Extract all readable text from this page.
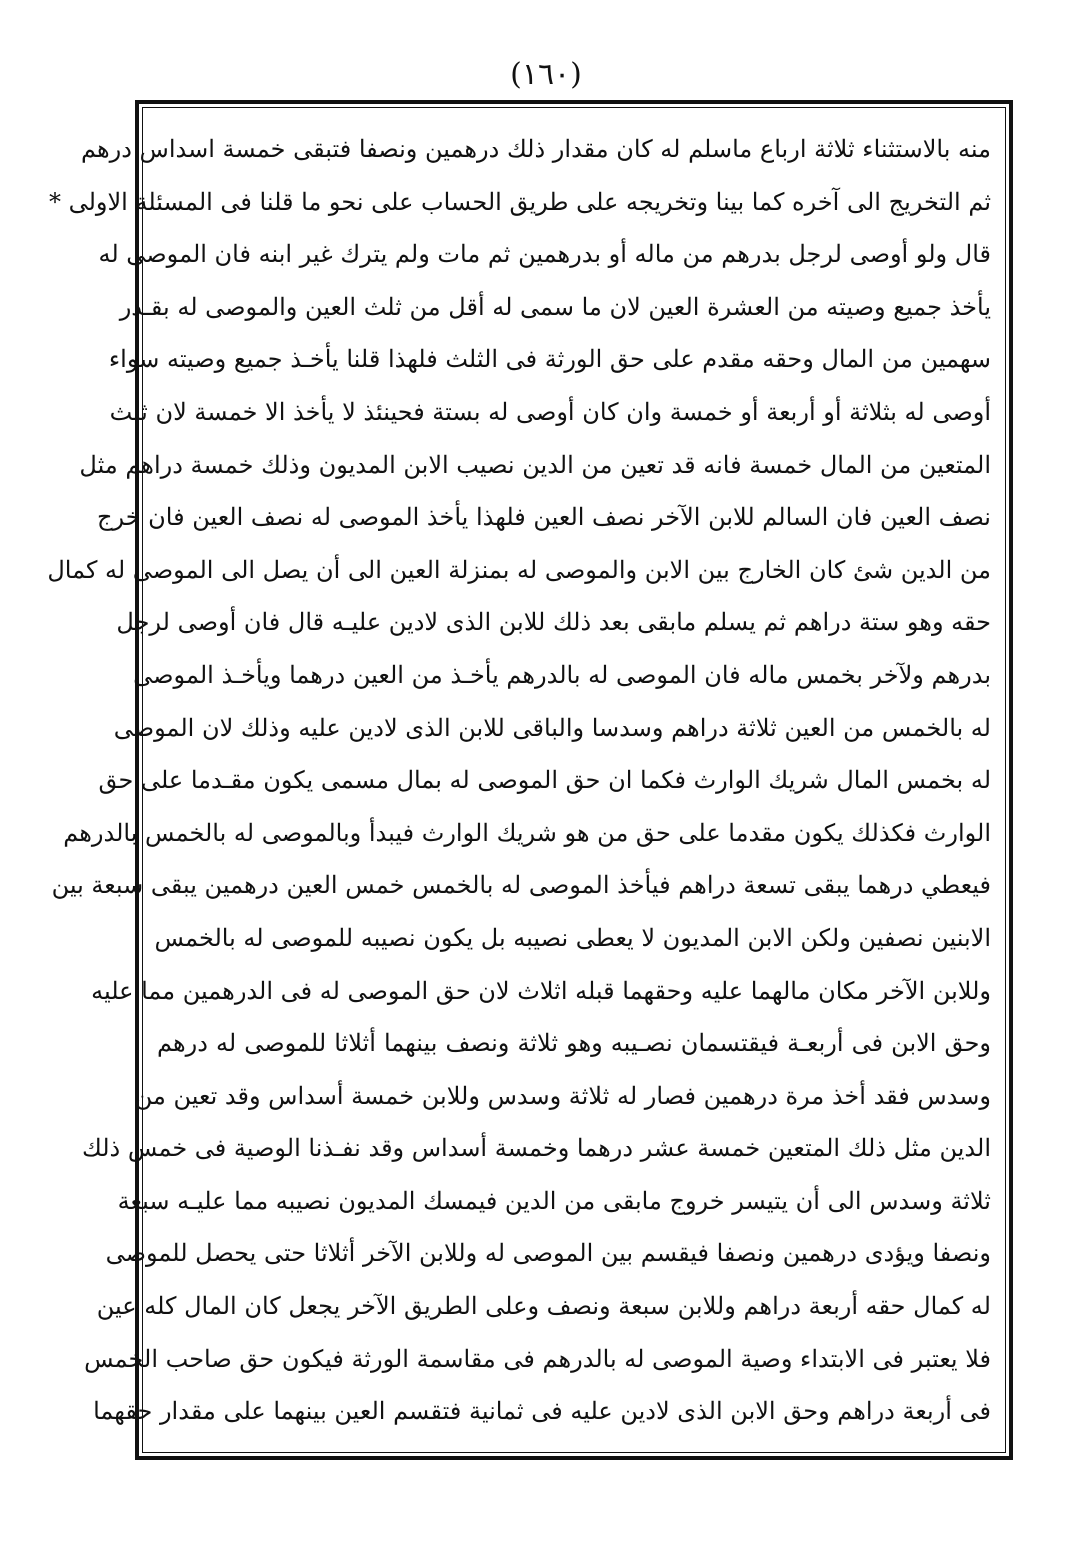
(١٦٠)
منه بالاستثناء ثلاثة ارباع ماسلم له كان مقدار ذلك درهمين ونصفا فتبقى خمسة اسداس درهم
ثم التخريج الى آخره كما بينا وتخريجه على طريق الحساب على نحو ما قلنا فى المسئلة الاولى *
قال ولو أوصى لرجل بدرهم من ماله أو بدرهمين ثم مات ولم يترك غير ابنه فان الموصى له
يأخذ جميع وصيته من العشرة العين لان ما سمى له أقل من ثلث العين والموصى له بقـدر
سهمين من المال وحقه مقدم على حق الورثة فى الثلث فلهذا قلنا يأخـذ جميع وصيته سواء
أوصى له بثلاثة أو أربعة أو خمسة وان كان أوصى له بستة فحينئذ لا يأخذ الا خمسة لان ثلث
المتعين من المال خمسة فانه قد تعين من الدين نصيب الابن المديون وذلك خمسة دراهم مثل
نصف العين فان السالم للابن الآخر نصف العين فلهذا يأخذ الموصى له نصف العين فان خرج
من الدين شئ كان الخارج بين الابن والموصى له بمنزلة العين الى أن يصل الى الموصى له كمال
حقه وهو ستة دراهم ثم يسلم مابقى بعد ذلك للابن الذى لادين عليـه قال فان أوصى لرجل
بدرهم ولآخر بخمس ماله فان الموصى له بالدرهم يأخـذ من العين درهما ويأخـذ الموصى
له بالخمس من العين ثلاثة دراهم وسدسا والباقى للابن الذى لادين عليه وذلك لان الموصى
له بخمس المال شريك الوارث فكما ان حق الموصى له بمال مسمى يكون مقـدما على حق
الوارث فكذلك يكون مقدما على حق من هو شريك الوارث فيبدأ وبالموصى له بالخمس بالدرهم
فيعطي درهما يبقى تسعة دراهم فيأخذ الموصى له بالخمس خمس العين درهمين يبقى سبعة بين
الابنين نصفين ولكن الابن المديون لا يعطى نصيبه بل يكون نصيبه للموصى له بالخمس
وللابن الآخر مكان مالهما عليه وحقهما قبله اثلاث لان حق الموصى له فى الدرهمين مما عليه
وحق الابن فى أربعـة فيقتسمان نصـيبه وهو ثلاثة ونصف بينهما أثلاثا للموصى له درهم
وسدس فقد أخذ مرة درهمين فصار له ثلاثة وسدس وللابن خمسة أسداس وقد تعين من
الدين مثل ذلك المتعين خمسة عشر درهما وخمسة أسداس وقد نفـذنا الوصية فى خمس ذلك
ثلاثة وسدس الى أن يتيسر خروج مابقى من الدين فيمسك المديون نصيبه مما عليـه سبعة
ونصفا ويؤدى درهمين ونصفا فيقسم بين الموصى له وللابن الآخر أثلاثا حتى يحصل للموصى
له كمال حقه أربعة دراهم وللابن سبعة ونصف وعلى الطريق الآخر يجعل كان المال كله عين
فلا يعتبر فى الابتداء وصية الموصى له بالدرهم فى مقاسمة الورثة فيكون حق صاحب الخمس
فى أربعة دراهم وحق الابن الذى لادين عليه فى ثمانية فتقسم العين بينهما على مقدار حقهما
